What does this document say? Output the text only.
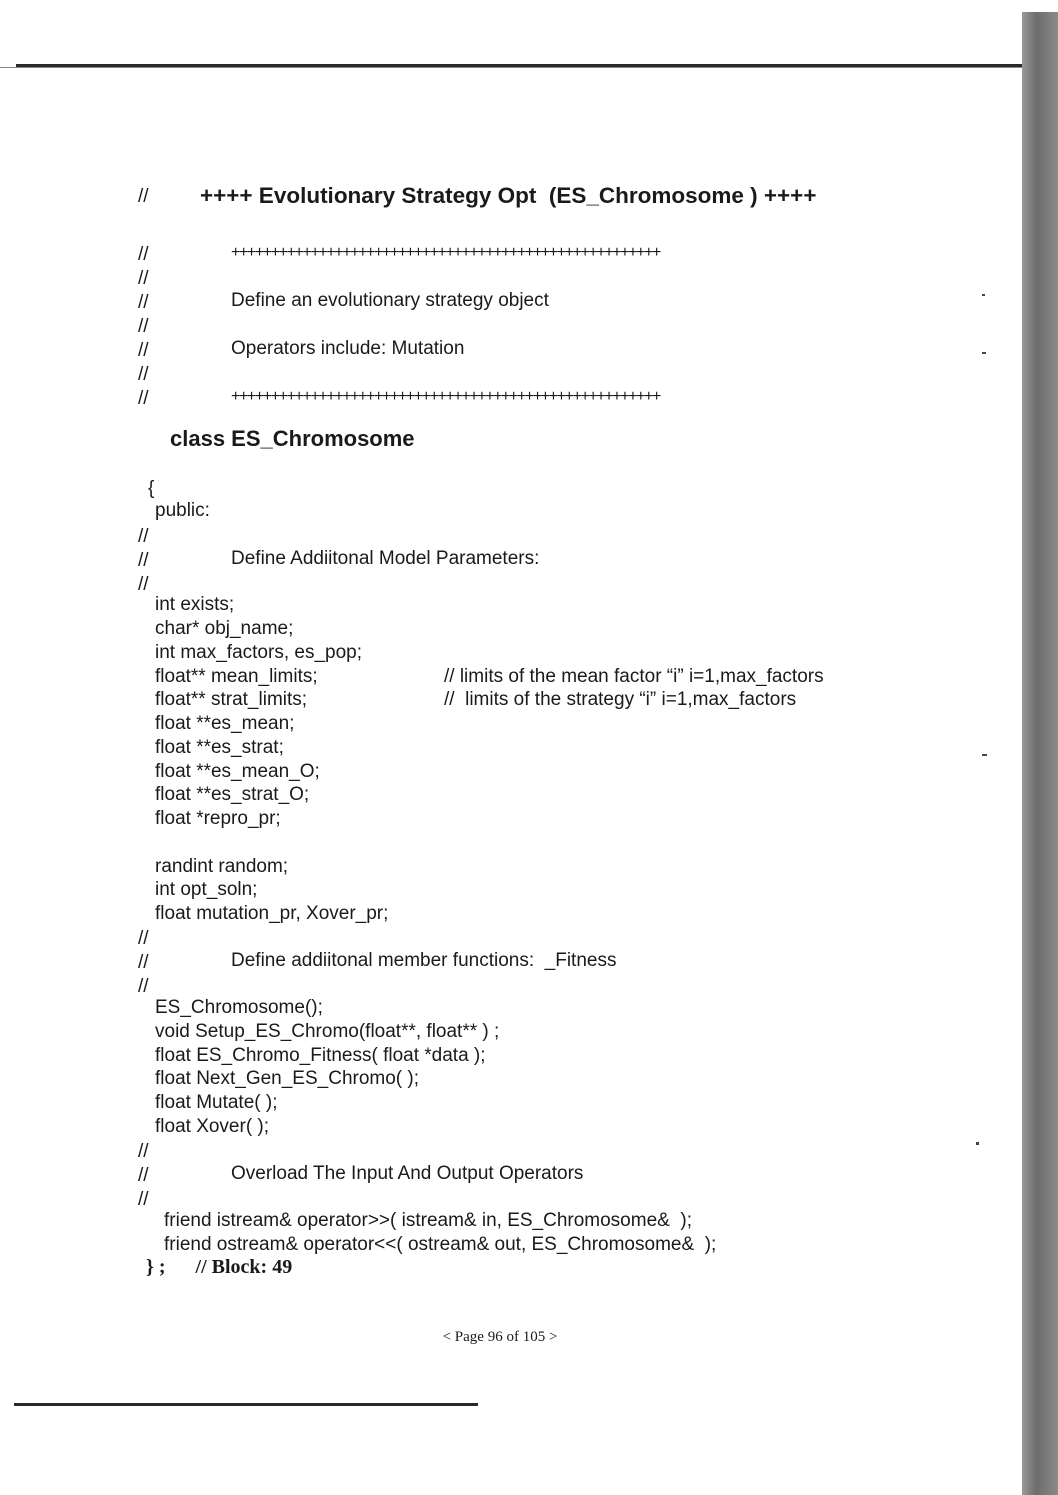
// ++++ Evolutionary Strategy Opt  (ES_Chromosome ) ++++
//	++++++++++++++++++++++++++++++++++++++++++++++++++++++
//
//	Define an evolutionary strategy object
//
//	Operators include: Mutation
//
//	++++++++++++++++++++++++++++++++++++++++++++++++++++++
class ES_Chromosome
{
public:
//
//	Define Addiitonal Model Parameters:
//
int exists;
char* obj_name;
int max_factors, es_pop;
float** mean_limits;	// limits of the mean factor “i” i=1,max_factors
float** strat_limits;	//  limits of the strategy “i” i=1,max_factors
float **es_mean;
float **es_strat;
float **es_mean_O;
float **es_strat_O;
float *repro_pr;
randint random;
int opt_soln;
float mutation_pr, Xover_pr;
//
//	Define addiitonal member functions:  _Fitness
//
ES_Chromosome();
void Setup_ES_Chromo(float**, float** ) ;
float ES_Chromo_Fitness( float *data );
float Next_Gen_ES_Chromo( );
float Mutate( );
float Xover( );
//
//	Overload The Input And Output Operators
//
friend istream& operator>>( istream& in, ES_Chromosome&  );
friend ostream& operator<<( ostream& out, ES_Chromosome&  );
} ;      // Block: 49
< Page 96 of 105 >
